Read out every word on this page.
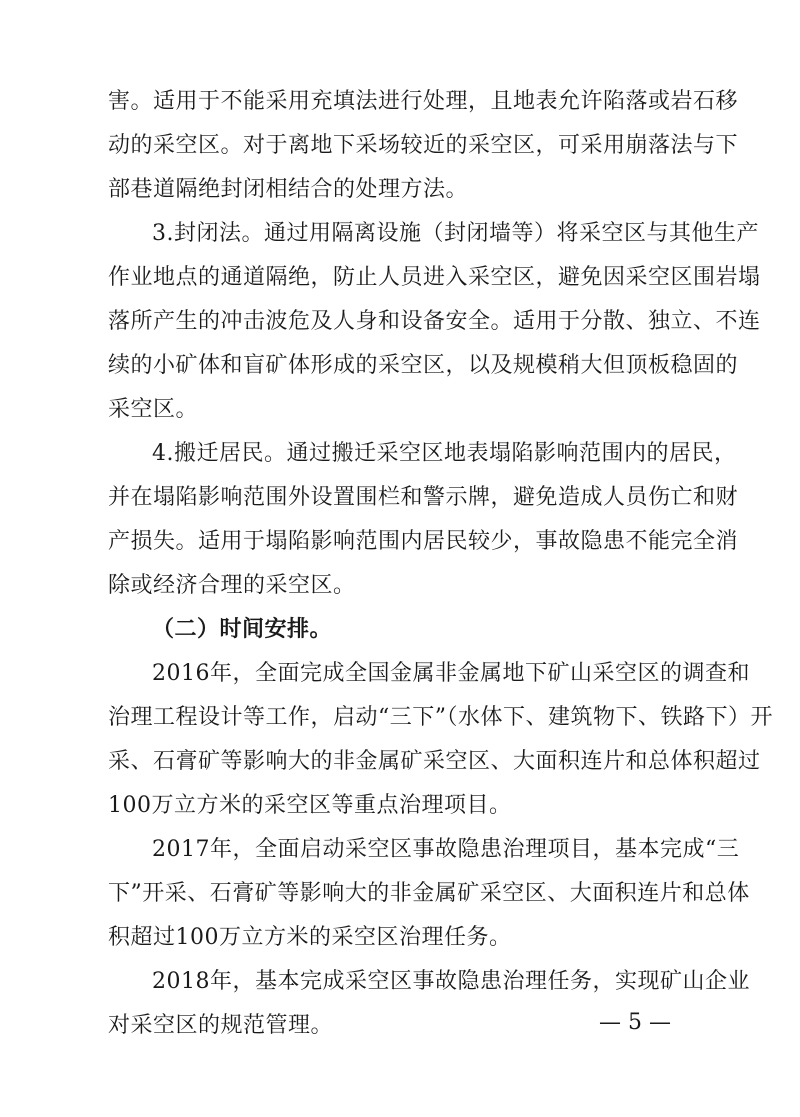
害。适用于不能采用充填法进行处理，且地表允许陷落或岩石移
动的采空区。对于离地下采场较近的采空区，可采用崩落法与下
部巷道隔绝封闭相结合的处理方法。
3.封闭法。通过用隔离设施（封闭墙等）将采空区与其他生产
作业地点的通道隔绝，防止人员进入采空区，避免因采空区围岩塌
落所产生的冲击波危及人身和设备安全。适用于分散、独立、不连
续的小矿体和盲矿体形成的采空区，以及规模稍大但顶板稳固的
采空区。
4.搬迁居民。通过搬迁采空区地表塌陷影响范围内的居民，
并在塌陷影响范围外设置围栏和警示牌，避免造成人员伤亡和财
产损失。适用于塌陷影响范围内居民较少，事故隐患不能完全消
除或经济合理的采空区。
（二）时间安排。
2016年，全面完成全国金属非金属地下矿山采空区的调查和
治理工程设计等工作，启动“三下”（水体下、建筑物下、铁路下）开
采、石膏矿等影响大的非金属矿采空区、大面积连片和总体积超过
100万立方米的采空区等重点治理项目。
2017年，全面启动采空区事故隐患治理项目，基本完成“三
下”开采、石膏矿等影响大的非金属矿采空区、大面积连片和总体
积超过100万立方米的采空区治理任务。
2018年，基本完成采空区事故隐患治理任务，实现矿山企业
对采空区的规范管理。	— 5 —
